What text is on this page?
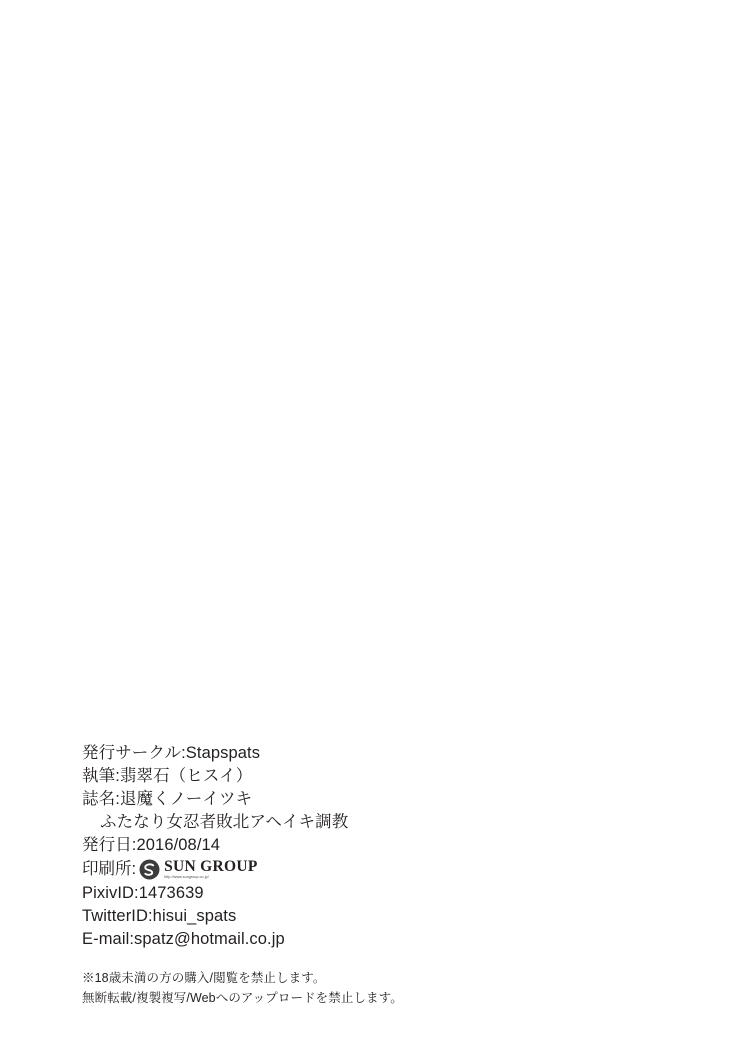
発行サークル:Stapspats
執筆:翡翠石（ヒスイ）
誌名:退魔くノーイツキ
ふたなり女忍者敗北アヘイキ調教
発行日:2016/08/14
印刷所: SUN GROUP
http://www.sungroup.co.jp/
PixivID:1473639
TwitterID:hisui_spats
E-mail:spatz@hotmail.co.jp
※18歳未満の方の購入/閲覧を禁止します。
無断転載/複製複写/Webへのアップロードを禁止します。
